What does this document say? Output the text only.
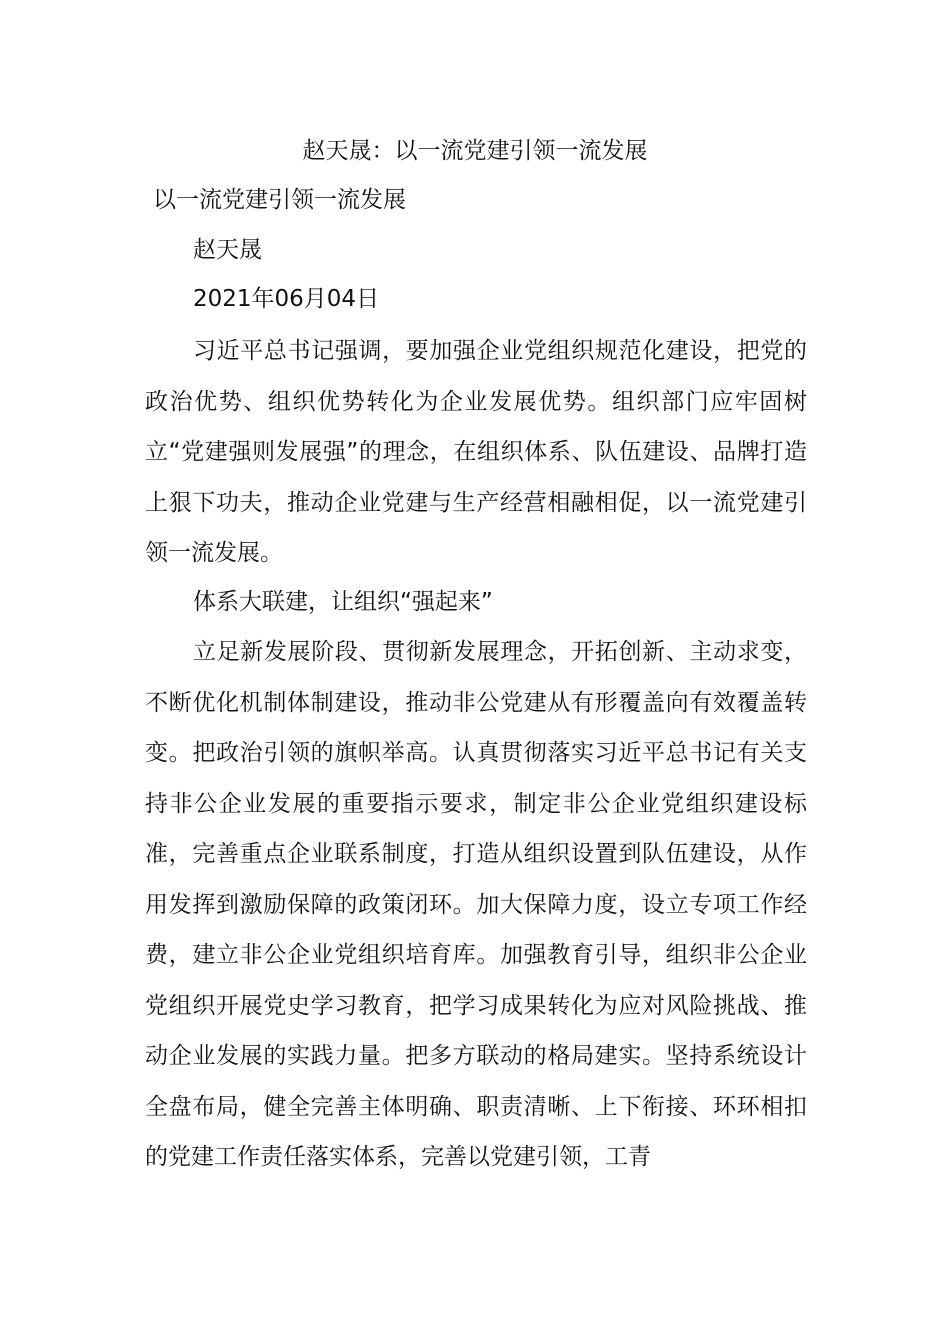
赵天晟：以一流党建引领一流发展
以一流党建引领一流发展

赵天晟

2021年06月04日

习近平总书记强调，要加强企业党组织规范化建设，把党的政治优势、组织优势转化为企业发展优势。组织部门应牢固树立“党建强则发展强”的理念，在组织体系、队伍建设、品牌打造上狠下功夫，推动企业党建与生产经营相融相促，以一流党建引领一流发展。

体系大联建，让组织“强起来”

立足新发展阶段、贯彻新发展理念，开拓创新、主动求变，不断优化机制体制建设，推动非公党建从有形覆盖向有效覆盖转变。把政治引领的旗帜举高。认真贯彻落实习近平总书记有关支持非公企业发展的重要指示要求，制定非公企业党组织建设标准，完善重点企业联系制度，打造从组织设置到队伍建设，从作用发挥到激励保障的政策闭环。加大保障力度，设立专项工作经费，建立非公企业党组织培育库。加强教育引导，组织非公企业党组织开展党史学习教育，把学习成果转化为应对风险挑战、推动企业发展的实践力量。把多方联动的格局建实。坚持系统设计全盘布局，健全完善主体明确、职责清晰、上下衔接、环环相扣的党建工作责任落实体系，完善以党建引领，工青
